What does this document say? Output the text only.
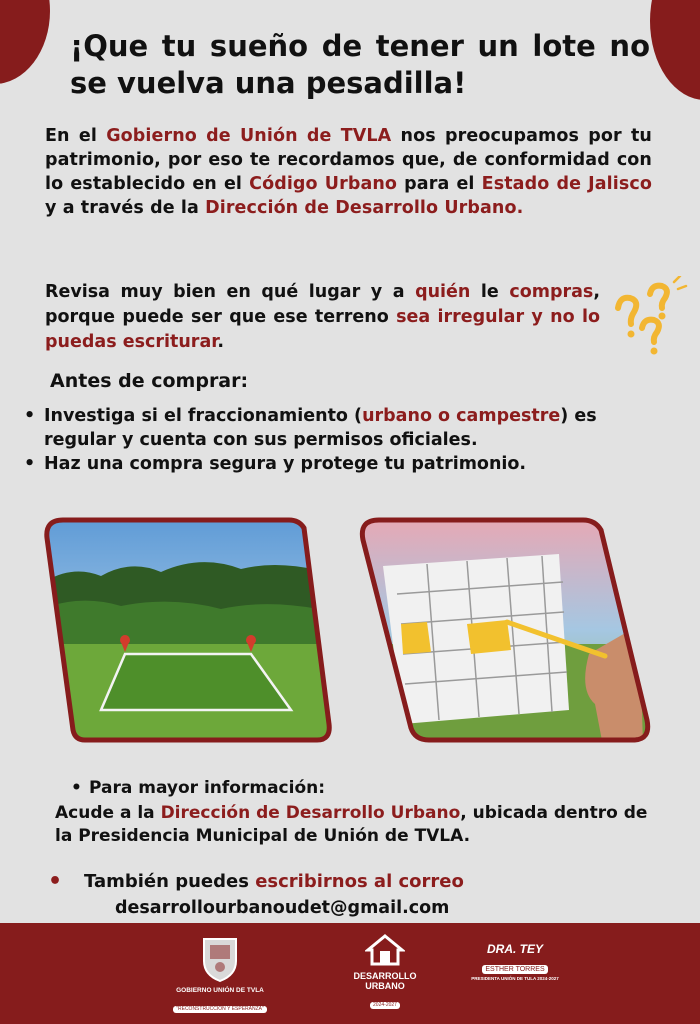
¡Que tu sueño de tener un lote no se vuelva una pesadilla!

En el Gobierno de Unión de TVLA nos preocupamos por tu patrimonio, por eso te recordamos que, de conformidad con lo establecido en el Código Urbano para el Estado de Jalisco y a través de la Dirección de Desarrollo Urbano.

Revisa muy bien en qué lugar y a quién le compras, porque puede ser que ese terreno sea irregular y no lo puedas escriturar.

Antes de comprar:
• Investiga si el fraccionamiento (urbano o campestre) es regular y cuenta con sus permisos oficiales.
• Haz una compra segura y protege tu patrimonio.
• Para mayor información:
Acude a la Dirección de Desarrollo Urbano, ubicada dentro de la Presidencia Municipal de Unión de TVLA.
• También puedes escribirnos al correo
desarrollourbanoudet@gmail.com
GOBIERNO UNIÓN DE TVLA
"RECONSTRUCCIÓN Y ESPERANZA"
DESARROLLO
URBANO
2024-2027
DRA. TEY
ESTHER TORRES
PRESIDENTA UNIÓN DE TULA 2024-2027
